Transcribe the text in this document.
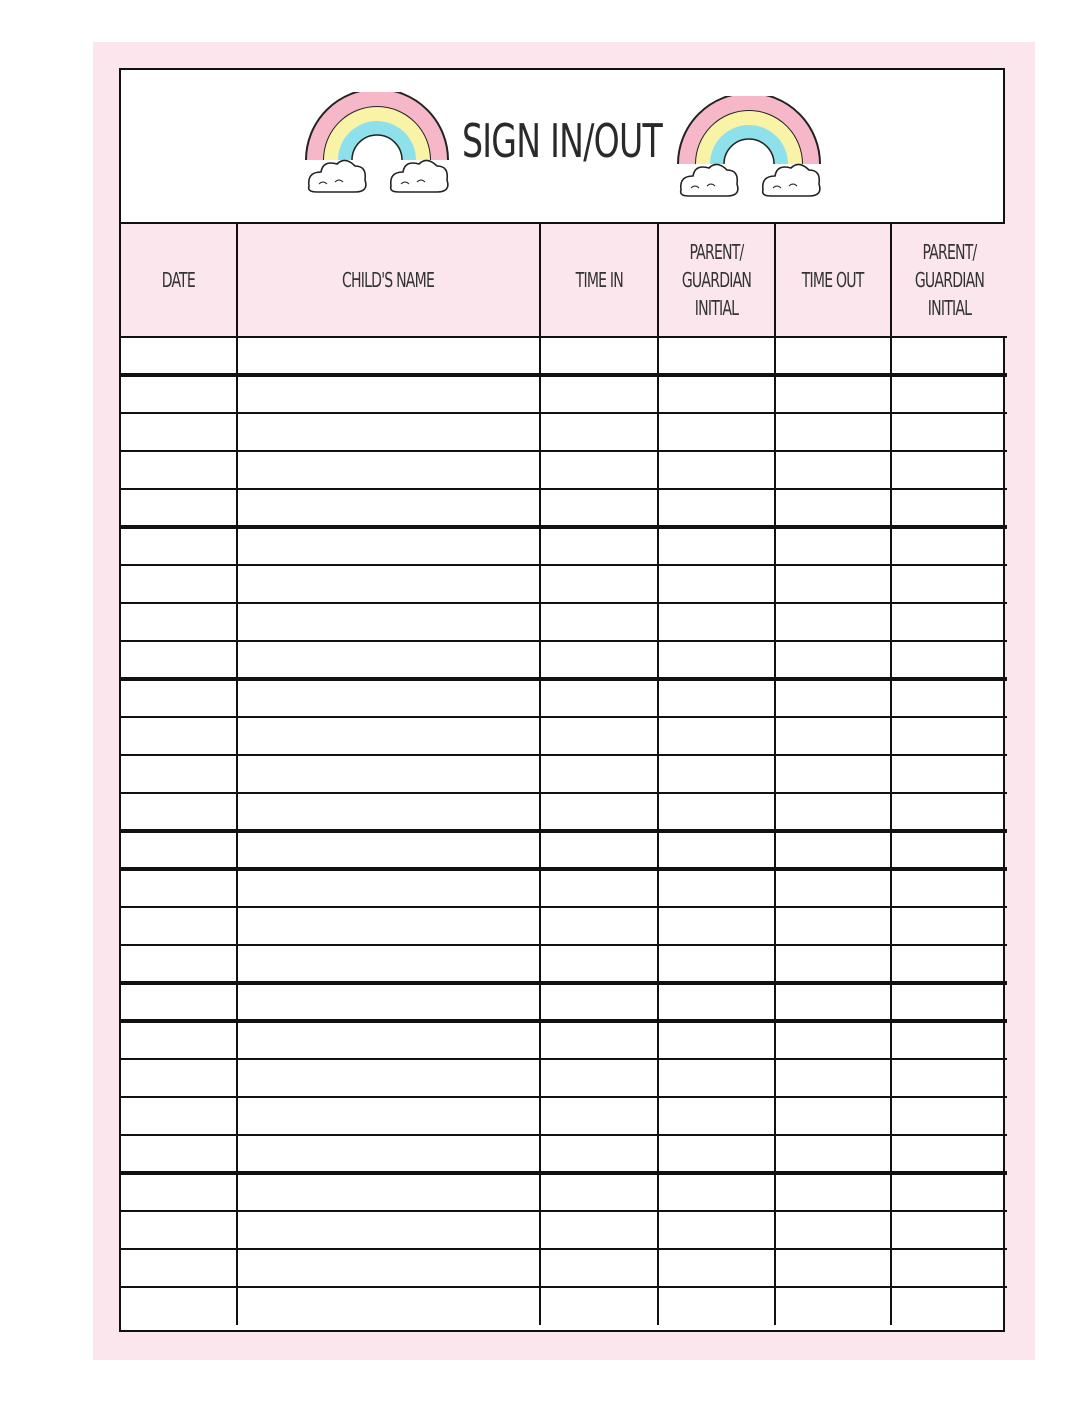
SIGN IN/OUT
DATE	CHILD'S NAME	TIME IN	PARENT/ GUARDIAN INITIAL	TIME OUT	PARENT/ GUARDIAN INITIAL
